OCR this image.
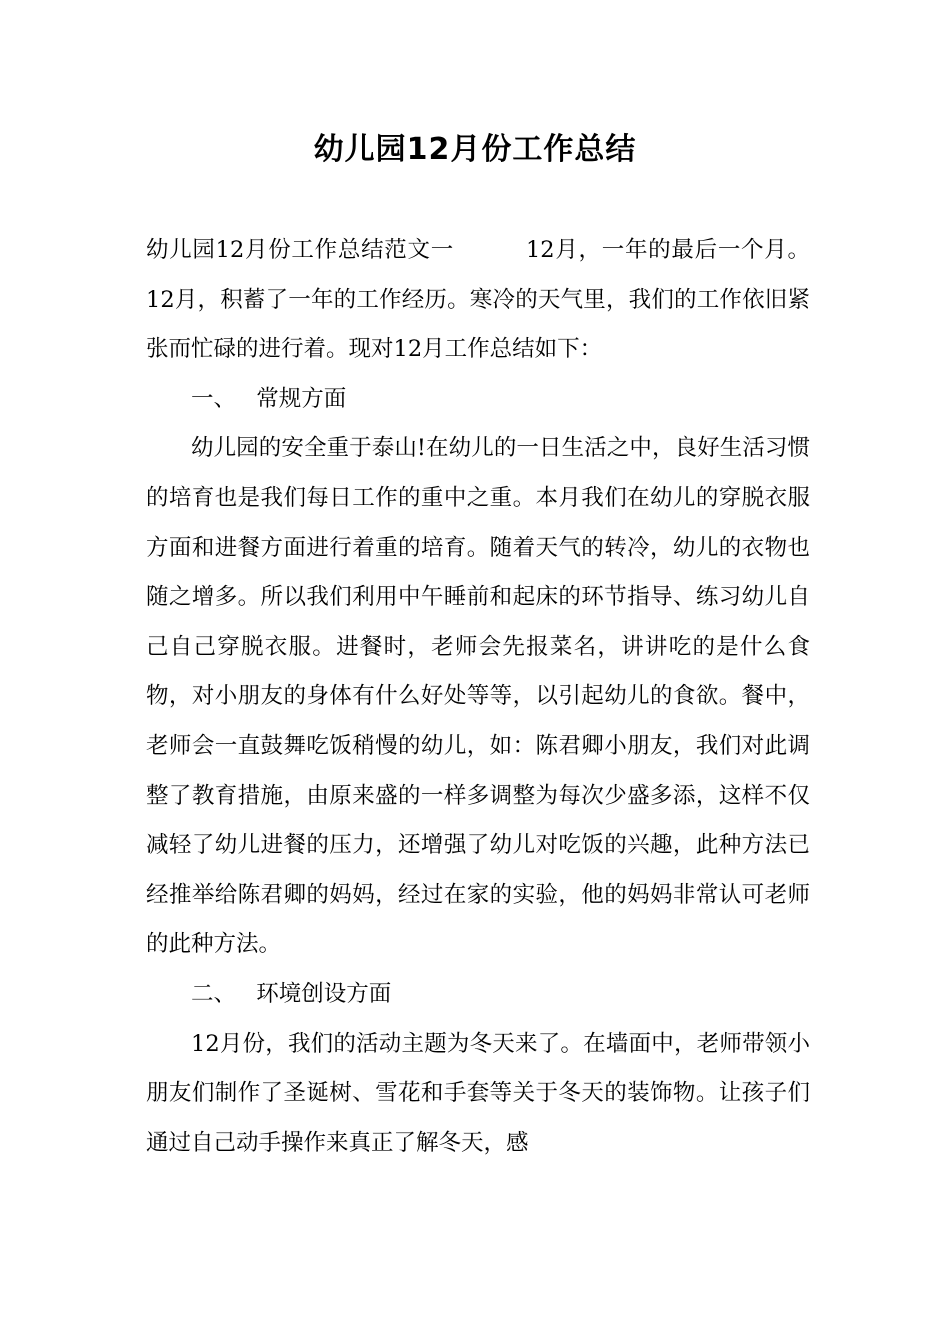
幼儿园12月份工作总结

幼儿园12月份工作总结范文一	12月，一年的最后一个月。12月，积蓄了一年的工作经历。寒冷的天气里，我们的工作依旧紧张而忙碌的进行着。现对12月工作总结如下：

一、 常规方面

幼儿园的安全重于泰山!在幼儿的一日生活之中，良好生活习惯的培育也是我们每日工作的重中之重。本月我们在幼儿的穿脱衣服方面和进餐方面进行着重的培育。随着天气的转冷，幼儿的衣物也随之增多。所以我们利用中午睡前和起床的环节指导、练习幼儿自己自己穿脱衣服。进餐时，老师会先报菜名，讲讲吃的是什么食物，对小朋友的身体有什么好处等等，以引起幼儿的食欲。餐中，老师会一直鼓舞吃饭稍慢的幼儿，如：陈君卿小朋友，我们对此调整了教育措施，由原来盛的一样多调整为每次少盛多添，这样不仅减轻了幼儿进餐的压力，还增强了幼儿对吃饭的兴趣，此种方法已经推举给陈君卿的妈妈，经过在家的实验，他的妈妈非常认可老师的此种方法。

二、 环境创设方面

12月份，我们的活动主题为冬天来了。在墙面中，老师带领小朋友们制作了圣诞树、雪花和手套等关于冬天的装饰物。让孩子们通过自己动手操作来真正了解冬天，感
